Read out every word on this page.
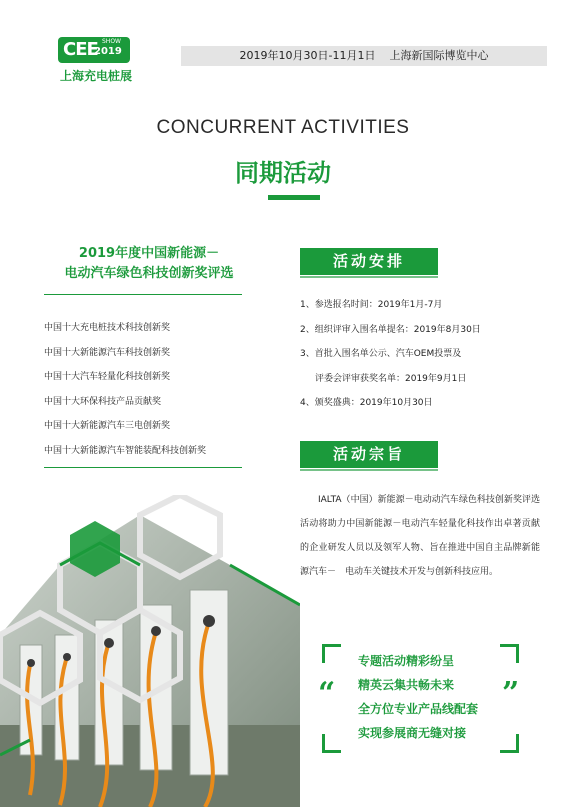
CEE SHOW
2019
上海充电桩展
2019年10月30日-11月1日    上海新国际博览中心
CONCURRENT ACTIVITIES
同期活动
2019年度中国新能源－
电动汽车绿色科技创新奖评选
中国十大充电桩技术科技创新奖
中国十大新能源汽车科技创新奖
中国十大汽车轻量化科技创新奖
中国十大环保科技产品贡献奖
中国十大新能源汽车三电创新奖
中国十大新能源汽车智能装配科技创新奖
活动安排
1、参选报名时间：2019年1月-7月
2、组织评审入围名单提名：2019年8月30日
3、首批入围名单公示、汽车OEM投票及
评委会评审获奖名单：2019年9月1日
4、颁奖盛典：2019年10月30日
活动宗旨
IALTA（中国）新能源－电动动汽车绿色科技创新奖评选活动将助力中国新能源－电动汽车轻量化科技作出卓著贡献的企业研发人员以及领军人物、旨在推进中国自主品牌新能源汽车－　电动车关键技术开发与创新科技应用。
“	”
专题活动精彩纷呈
精英云集共畅未来
全方位专业产品线配套
实现参展商无缝对接
